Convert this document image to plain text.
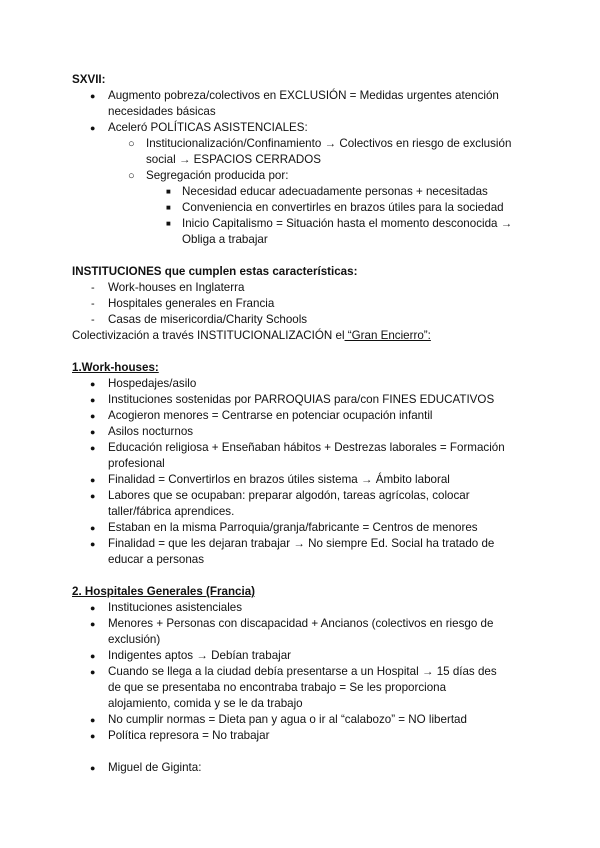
SXVII:
● Augmento pobreza/colectivos en EXCLUSIÓN = Medidas urgentes atención
necesidades básicas
● Aceleró POLÍTICAS ASISTENCIALES:
○ Institucionalización/Confinamiento → Colectivos en riesgo de exclusión
social → ESPACIOS CERRADOS
○ Segregación producida por:
■ Necesidad educar adecuadamente personas + necesitadas
■ Conveniencia en convertirles en brazos útiles para la sociedad
■ Inicio Capitalismo = Situación hasta el momento desconocida →
Obliga a trabajar
INSTITUCIONES que cumplen estas características:
- Work-houses en Inglaterra
- Hospitales generales en Francia
- Casas de misericordia/Charity Schools
Colectivización a través INSTITUCIONALIZACIÓN el “Gran Encierro”:
1.Work-houses:
● Hospedajes/asilo
● Instituciones sostenidas por PARROQUIAS para/con FINES EDUCATIVOS
● Acogieron menores = Centrarse en potenciar ocupación infantil
● Asilos nocturnos
● Educación religiosa + Enseñaban hábitos + Destrezas laborales = Formación
profesional
● Finalidad = Convertirlos en brazos útiles sistema → Ámbito laboral
● Labores que se ocupaban: preparar algodón, tareas agrícolas, colocar
taller/fábrica aprendices.
● Estaban en la misma Parroquia/granja/fabricante = Centros de menores
● Finalidad = que les dejaran trabajar → No siempre Ed. Social ha tratado de
educar a personas
2. Hospitales Generales (Francia)
● Instituciones asistenciales
● Menores + Personas con discapacidad + Ancianos (colectivos en riesgo de
exclusión)
● Indigentes aptos → Debían trabajar
● Cuando se llega a la ciudad debía presentarse a un Hospital → 15 días des
de que se presentaba no encontraba trabajo = Se les proporciona
alojamiento, comida y se le da trabajo
● No cumplir normas = Dieta pan y agua o ir al “calabozo” = NO libertad
● Política represora = No trabajar
● Miguel de Giginta:
